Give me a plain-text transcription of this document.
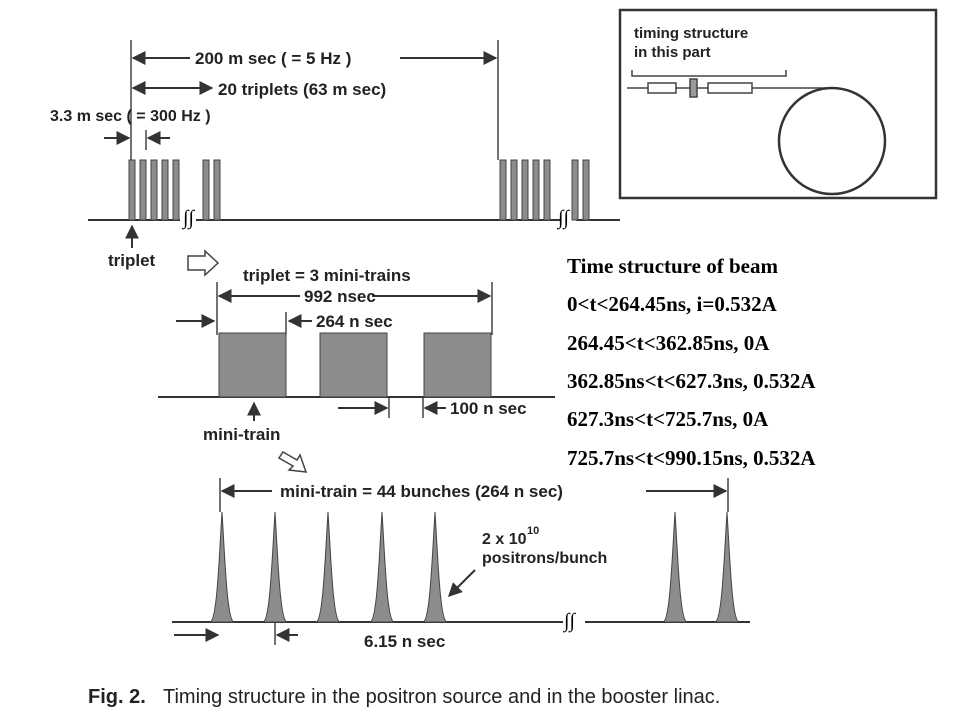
200 m sec ( = 5 Hz )
20 triplets (63 m sec)
3.3 m sec ( = 300 Hz )
∫∫	∫∫
triplet
timing structure
in this part
triplet = 3 mini-trains
992 nsec
264 n sec
100 n sec
mini-train
mini-train = 44 bunches (264 n sec)
∫∫
2 x 10 10
positrons/bunch
6.15 n sec
Time structure of beam
0<t<264.45ns, i=0.532A
264.45<t<362.85ns, 0A
362.85ns<t<627.3ns, 0.532A
627.3ns<t<725.7ns, 0A
725.7ns<t<990.15ns, 0.532A
Fig. 2. Timing structure in the positron source and in the booster linac.
